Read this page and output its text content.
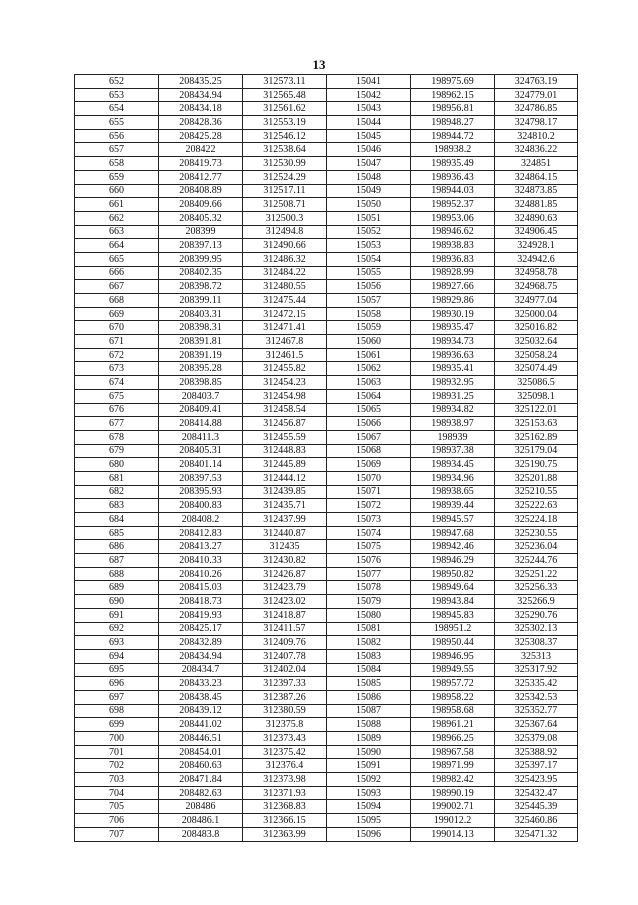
13
652	208435.25	312573.11	15041	198975.69	324763.19
653	208434.94	312565.48	15042	198962.15	324779.01
654	208434.18	312561.62	15043	198956.81	324786.85
655	208428.36	312553.19	15044	198948.27	324798.17
656	208425.28	312546.12	15045	198944.72	324810.2
657	208422	312538.64	15046	198938.2	324836.22
658	208419.73	312530.99	15047	198935.49	324851
659	208412.77	312524.29	15048	198936.43	324864.15
660	208408.89	312517.11	15049	198944.03	324873.85
661	208409.66	312508.71	15050	198952.37	324881.85
662	208405.32	312500.3	15051	198953.06	324890.63
663	208399	312494.8	15052	198946.62	324906.45
664	208397.13	312490.66	15053	198938.83	324928.1
665	208399.95	312486.32	15054	198936.83	324942.6
666	208402.35	312484.22	15055	198928.99	324958.78
667	208398.72	312480.55	15056	198927.66	324968.75
668	208399.11	312475.44	15057	198929.86	324977.04
669	208403.31	312472.15	15058	198930.19	325000.04
670	208398.31	312471.41	15059	198935.47	325016.82
671	208391.81	312467.8	15060	198934.73	325032.64
672	208391.19	312461.5	15061	198936.63	325058.24
673	208395.28	312455.82	15062	198935.41	325074.49
674	208398.85	312454.23	15063	198932.95	325086.5
675	208403.7	312454.98	15064	198931.25	325098.1
676	208409.41	312458.54	15065	198934.82	325122.01
677	208414.88	312456.87	15066	198938.97	325153.63
678	208411.3	312455.59	15067	198939	325162.89
679	208405.31	312448.83	15068	198937.38	325179.04
680	208401.14	312445.89	15069	198934.45	325190.75
681	208397.53	312444.12	15070	198934.96	325201.88
682	208395.93	312439.85	15071	198938.65	325210.55
683	208400.83	312435.71	15072	198939.44	325222.63
684	208408.2	312437.99	15073	198945.57	325224.18
685	208412.83	312440.87	15074	198947.68	325230.55
686	208413.27	312435	15075	198942.46	325236.04
687	208410.33	312430.82	15076	198946.29	325244.76
688	208410.26	312426.87	15077	198950.82	325251.22
689	208415.03	312423.79	15078	198949.64	325256.33
690	208418.73	312423.02	15079	198943.84	325266.9
691	208419.93	312418.87	15080	198945.83	325290.76
692	208425.17	312411.57	15081	198951.2	325302.13
693	208432.89	312409.76	15082	198950.44	325308.37
694	208434.94	312407.78	15083	198946.95	325313
695	208434.7	312402.04	15084	198949.55	325317.92
696	208433.23	312397.33	15085	198957.72	325335.42
697	208438.45	312387.26	15086	198958.22	325342.53
698	208439.12	312380.59	15087	198958.68	325352.77
699	208441.02	312375.8	15088	198961.21	325367.64
700	208446.51	312373.43	15089	198966.25	325379.08
701	208454.01	312375.42	15090	198967.58	325388.92
702	208460.63	312376.4	15091	198971.99	325397.17
703	208471.84	312373.98	15092	198982.42	325423.95
704	208482.63	312371.93	15093	198990.19	325432.47
705	208486	312368.83	15094	199002.71	325445.39
706	208486.1	312366.15	15095	199012.2	325460.86
707	208483.8	312363.99	15096	199014.13	325471.32
